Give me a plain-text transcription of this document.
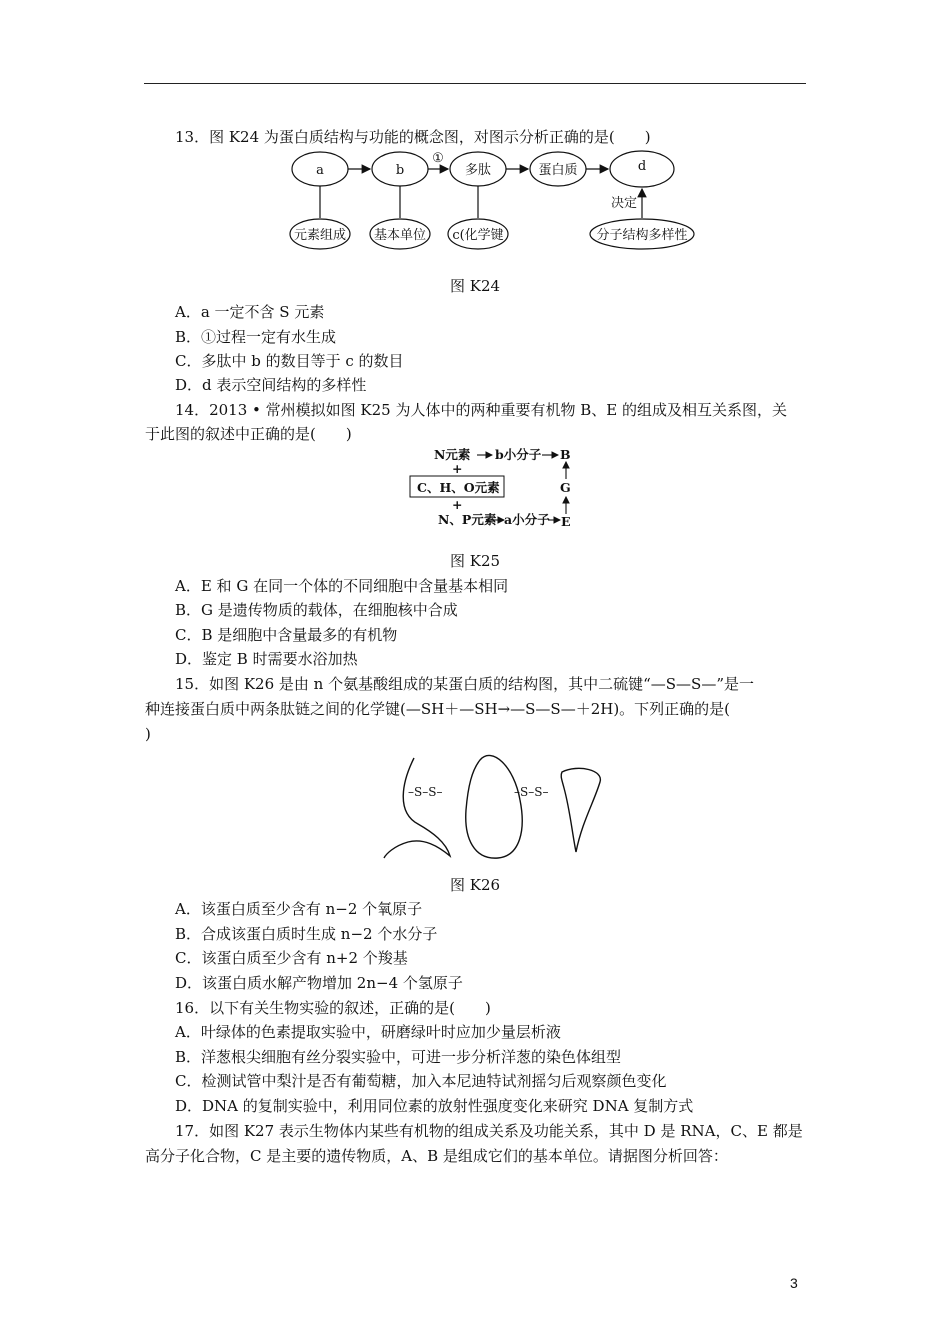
13．图 K24 为蛋白质结构与功能的概念图，对图示分析正确的是(　　)
a	b	多肽	蛋白质	d
①
元素组成 基本单位 c(化学键	分子结构多样性
决定
图 K24
A．a 一定不含 S 元素
B．①过程一定有水生成
C．多肽中 b 的数目等于 c 的数目
D．d 表示空间结构的多样性
14．2013 • 常州模拟如图 K25 为人体中的两种重要有机物 B、E 的组成及相互关系图，关
于此图的叙述中正确的是(　　)
N元素 b小分子 B
+
C、H、O元素	G
+
N、P元素 a小分子 E
图 K25
A．E 和 G 在同一个体的不同细胞中含量基本相同
B．G 是遗传物质的载体，在细胞核中合成
C．B 是细胞中含量最多的有机物
D．鉴定 B 时需要水浴加热
15．如图 K26 是由 n 个氨基酸组成的某蛋白质的结构图，其中二硫键“—S—S—”是一
种连接蛋白质中两条肽链之间的化学键(—SH＋—SH→—S—S—＋2H)。下列正确的是(
)
–S–S–	–S–S–
图 K26
A．该蛋白质至少含有 n−2 个氧原子
B．合成该蛋白质时生成 n−2 个水分子
C．该蛋白质至少含有 n+2 个羧基
D．该蛋白质水解产物增加 2n−4 个氢原子
16．以下有关生物实验的叙述，正确的是(　　)
A．叶绿体的色素提取实验中，研磨绿叶时应加少量层析液
B．洋葱根尖细胞有丝分裂实验中，可进一步分析洋葱的染色体组型
C．检测试管中梨汁是否有葡萄糖，加入本尼迪特试剂摇匀后观察颜色变化
D．DNA 的复制实验中，利用同位素的放射性强度变化来研究 DNA 复制方式
17．如图 K27 表示生物体内某些有机物的组成关系及功能关系，其中 D 是 RNA，C、E 都是
高分子化合物，C 是主要的遗传物质，A、B 是组成它们的基本单位。请据图分析回答：
3
